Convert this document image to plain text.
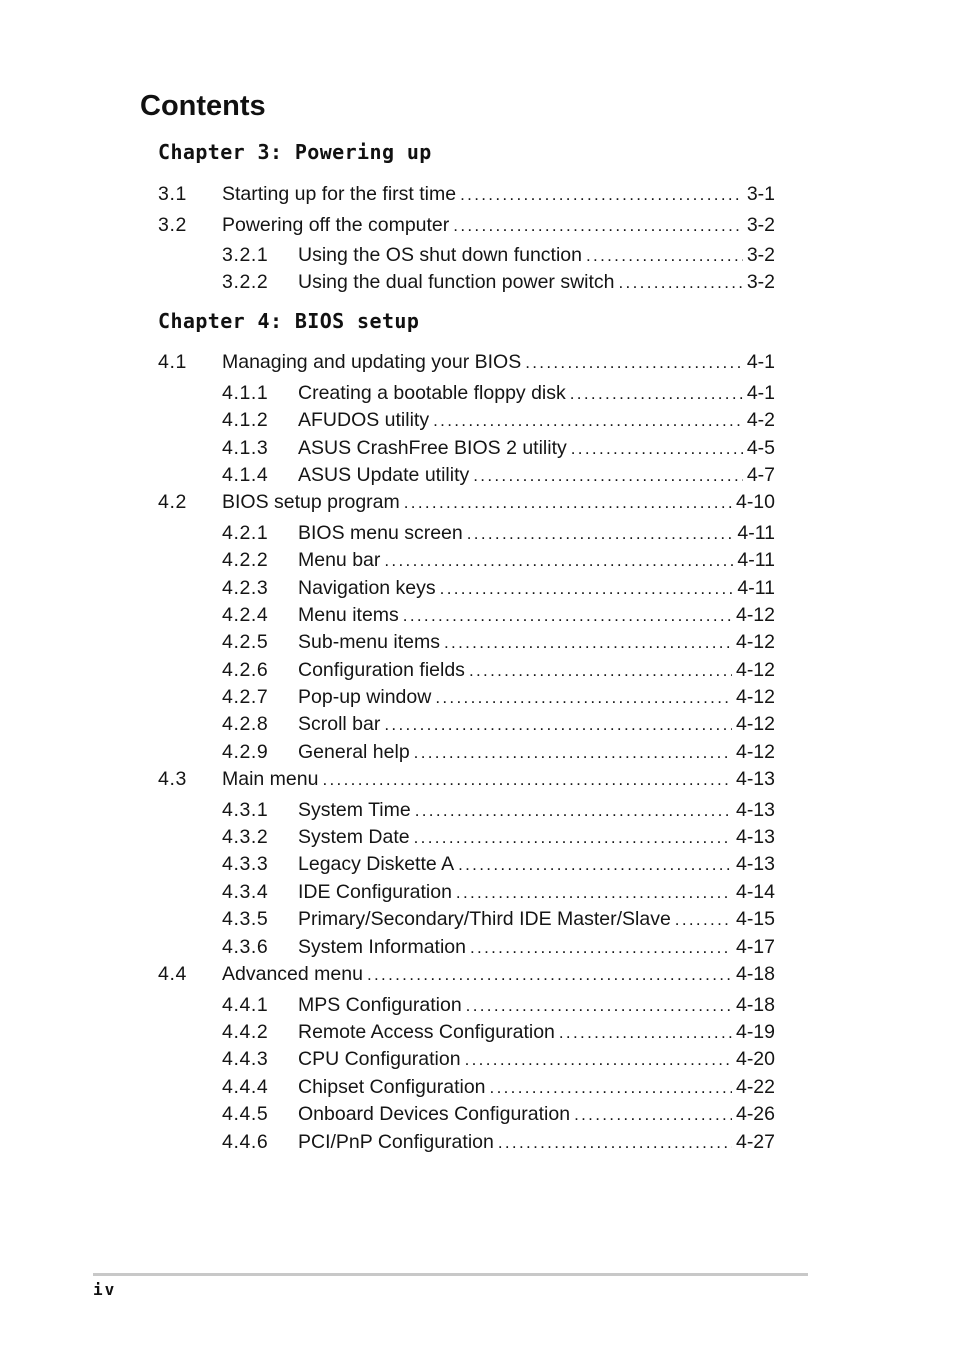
Contents
Chapter 3: Powering up
3.1	Starting up for the first time . . .	3-1
3.2	Powering off the computer . . .	3-2
3.2.1	Using the OS shut down function . . .	3-2
3.2.2	Using the dual function power switch . . .	3-2
Chapter 4: BIOS setup
4.1	Managing and updating your BIOS . . .	4-1
4.1.1	Creating a bootable floppy disk . . .	4-1
4.1.2	AFUDOS utility . . .	4-2
4.1.3	ASUS CrashFree BIOS 2 utility . . .	4-5
4.1.4	ASUS Update utility . . .	4-7
4.2	BIOS setup program . . .	4-10
4.2.1	BIOS menu screen . . .	4-11
4.2.2	Menu bar . . .	4-11
4.2.3	Navigation keys . . .	4-11
4.2.4	Menu items . . .	4-12
4.2.5	Sub-menu items . . .	4-12
4.2.6	Configuration fields . . .	4-12
4.2.7	Pop-up window . . .	4-12
4.2.8	Scroll bar . . .	4-12
4.2.9	General help . . .	4-12
4.3	Main menu . . .	4-13
4.3.1	System Time . . .	4-13
4.3.2	System Date . . .	4-13
4.3.3	Legacy Diskette A . . .	4-13
4.3.4	IDE Configuration . . .	4-14
4.3.5	Primary/Secondary/Third IDE Master/Slave . . .	4-15
4.3.6	System Information . . .	4-17
4.4	Advanced menu . . .	4-18
4.4.1	MPS Configuration . . .	4-18
4.4.2	Remote Access Configuration . . .	4-19
4.4.3	CPU Configuration . . .	4-20
4.4.4	Chipset Configuration . . .	4-22
4.4.5	Onboard Devices Configuration . . .	4-26
4.4.6	PCI/PnP Configuration . . .	4-27
iv
